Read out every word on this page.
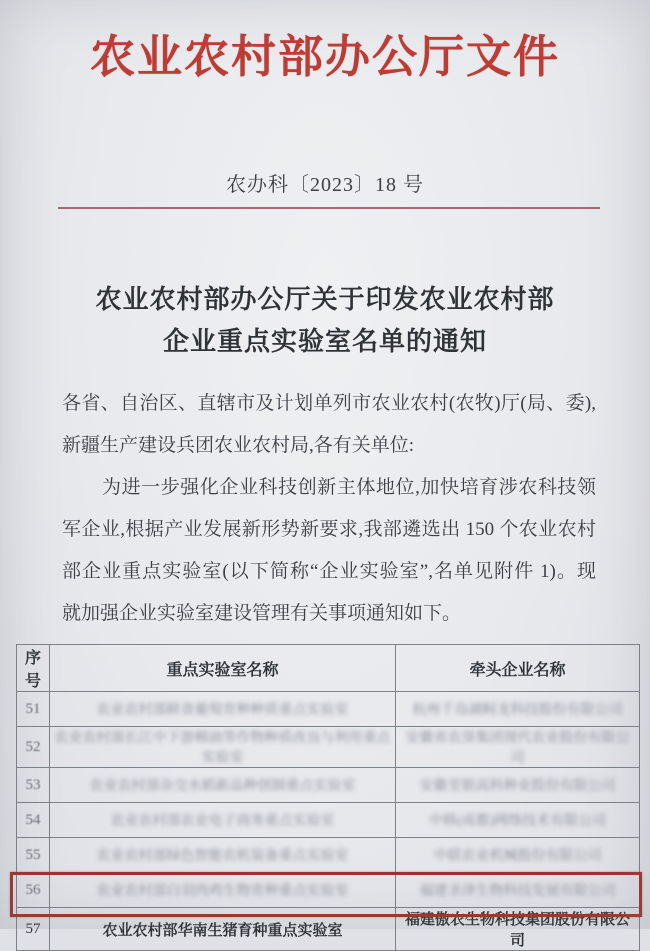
农业农村部办公厅文件
农办科〔2023〕18 号
农业农村部办公厅关于印发农业农村部
企业重点实验室名单的通知
各省、自治区、直辖市及计划单列市农业农村(农牧)厅(局、委),
新疆生产建设兵团农业农村局,各有关单位:
为进一步强化企业科技创新主体地位,加快培育涉农科技领
军企业,根据产业发展新形势新要求,我部遴选出 150 个农业农村
部企业重点实验室(以下简称“企业实验室”,名单见附件 1)。现
就加强企业实验室建设管理有关事项通知如下。
序号	重点实验室名称	牵头企业名称
51	农业农村部鲜食葡萄育种种质重点实验室	杭州千岛湖鲟龙科技股份有限公司
52	农业农村部长江中下游棉油等作物种质改良与利用重点实验室	安徽省农垦集团现代农业股份有限公司
53	农业农村部杂交水稻新品种创制重点实验室	安徽荃银高科种业股份有限公司
54	农业农村部农业电子商务重点实验室	中移(成都)网络技术有限公司
55	农业农村部绿色智能农机装备重点实验室	中联农业机械股份有限公司
56	农业农村部白羽肉鸡生物育种重点实验室	福建圣泽生物科技发展有限公司
57	农业农村部华南生猪育种重点实验室	福建傲农生物科技集团股份有限公司
